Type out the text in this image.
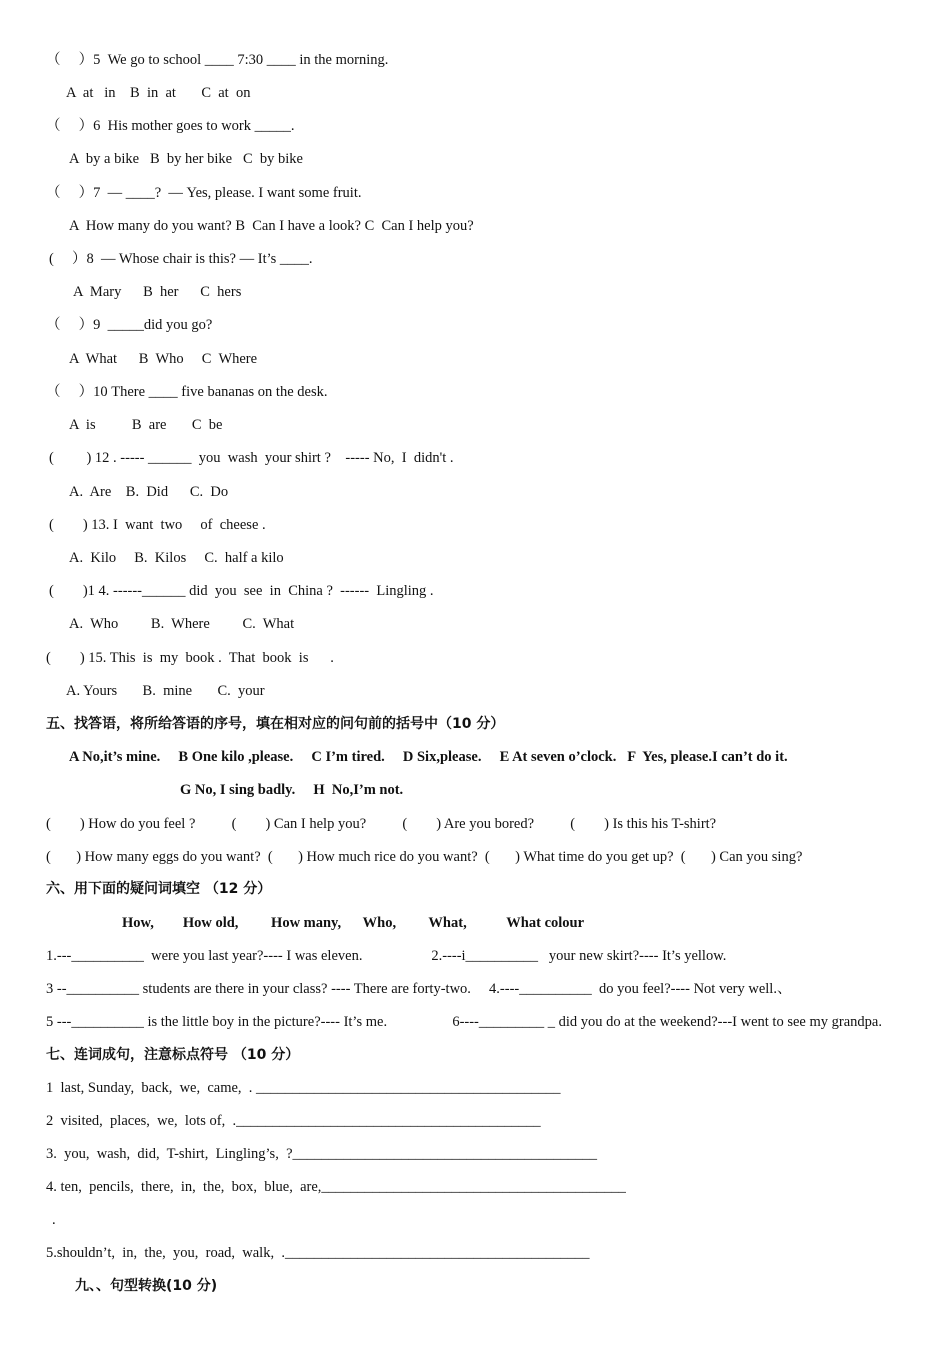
（　 ）5  We go to school ____ 7:30 ____ in the morning.
A  at   in    B  in  at       C  at  on
（　 ）6  His mother goes to work _____.
A  by a bike   B  by her bike   C  by bike
（　 ）7  — ____?  — Yes, please. I want some fruit.
A  How many do you want? B  Can I have a look? C  Can I help you?
(     ）8  — Whose chair is this? — It’s ____.
A  Mary      B  her      C  hers
（　 ）9  _____did you go?
A  What      B  Who     C  Where
（　 ）10 There ____ five bananas on the desk.
A  is          B  are       C  be
(         ) 12 . ----- ______  you  wash  your shirt ?    ----- No,  I  didn't .
A.  Are    B.  Did      C.  Do
(        ) 13. I  want  two     of  cheese .
A.  Kilo     B.  Kilos     C.  half a kilo
(        )1 4. ------______ did  you  see  in  China ?  ------  Lingling .
A.  Who         B.  Where         C.  What
(        ) 15. This  is  my  book .  That  book  is      .
A. Yours       B.  mine       C.  your
五、找答语，将所给答语的序号，填在相对应的问句前的括号中（10 分）
A No,it’s mine.     B One kilo ,please.     C I’m tired.     D Six,please.     E At seven o’clock.   F  Yes, please.I can’t do it.
G No, I sing badly.     H  No,I’m not.
(        ) How do you feel ?          (        ) Can I help you?          (        ) Are you bored?          (        ) Is this his T-shirt?
(       ) How many eggs do you want?  (       ) How much rice do you want?  (       ) What time do you get up?  (       ) Can you sing?
六、用下面的疑问词填空 （12 分）
How,        How old,         How many,      Who,         What,           What colour
1.---__________  were you last year?---- I was eleven.                   2.----i__________   your new skirt?---- It’s yellow.
3 --__________ students are there in your class? ---- There are forty-two.     4.----__________  do you feel?---- Not very well.、
5 ---__________ is the little boy in the picture?---- It’s me.                  6----_________ _ did you do at the weekend?---I went to see my grandpa.
七、连词成句，注意标点符号 （10 分）
1  last, Sunday,  back,  we,  came,  . __________________________________________
2  visited,  places,  we,  lots of,  .__________________________________________
3.  you,  wash,  did,  T-shirt,  Lingling’s,  ?__________________________________________
4. ten,  pencils,  there,  in,  the,  box,  blue,  are,__________________________________________
.
5.shouldn’t,  in,  the,  you,  road,  walk,  .__________________________________________
九、、句型转换(10 分)
